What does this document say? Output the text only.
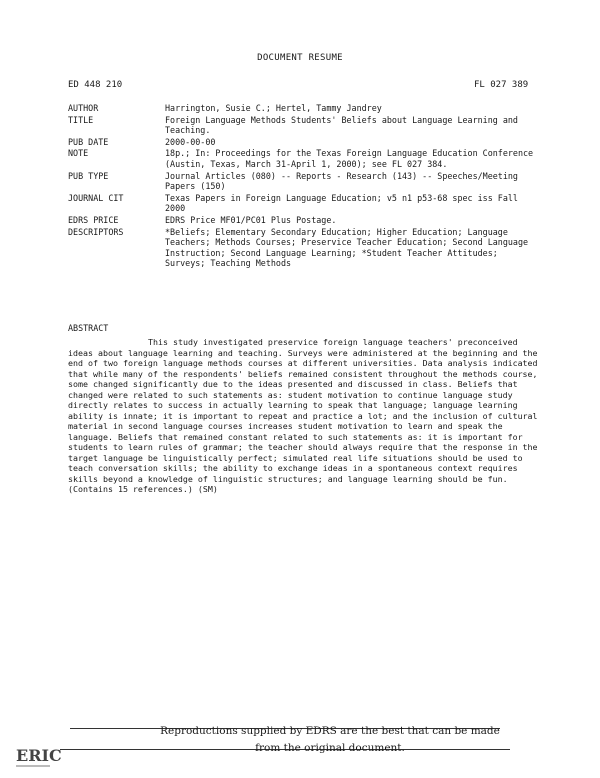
DOCUMENT RESUME
ED 448 210	FL 027 389
AUTHOR	Harrington, Susie C.; Hertel, Tammy Jandrey
TITLE	Foreign Language Methods Students' Beliefs about Language Learning and Teaching.
PUB DATE	2000-00-00
NOTE	18p.; In: Proceedings for the Texas Foreign Language Education Conference (Austin, Texas, March 31-April 1, 2000); see FL 027 384.
PUB TYPE	Journal Articles (080) -- Reports - Research (143) -- Speeches/Meeting Papers (150)
JOURNAL CIT	Texas Papers in Foreign Language Education; v5 n1 p53-68 spec iss Fall 2000
EDRS PRICE	EDRS Price MF01/PC01 Plus Postage.
DESCRIPTORS	*Beliefs; Elementary Secondary Education; Higher Education; Language Teachers; Methods Courses; Preservice Teacher Education; Second Language Instruction; Second Language Learning; *Student Teacher Attitudes; Surveys; Teaching Methods
ABSTRACT
This study investigated preservice foreign language teachers' preconceived ideas about language learning and teaching. Surveys were administered at the beginning and the end of two foreign language methods courses at different universities. Data analysis indicated that while many of the respondents' beliefs remained consistent throughout the methods course, some changed significantly due to the ideas presented and discussed in class. Beliefs that changed were related to such statements as: student motivation to continue language study directly relates to success in actually learning to speak that language; language learning ability is innate; it is important to repeat and practice a lot; and the inclusion of cultural material in second language courses increases student motivation to learn and speak the language. Beliefs that remained constant related to such statements as: it is important for students to learn rules of grammar; the teacher should always require that the response in the target language be linguistically perfect; simulated real life situations should be used to teach conversation skills; the ability to exchange ideas in a spontaneous context requires skills beyond a knowledge of linguistic structures; and language learning should be fun. (Contains 15 references.) (SM)
ERIC
Reproductions supplied by EDRS are the best that can be made
from the original document.
